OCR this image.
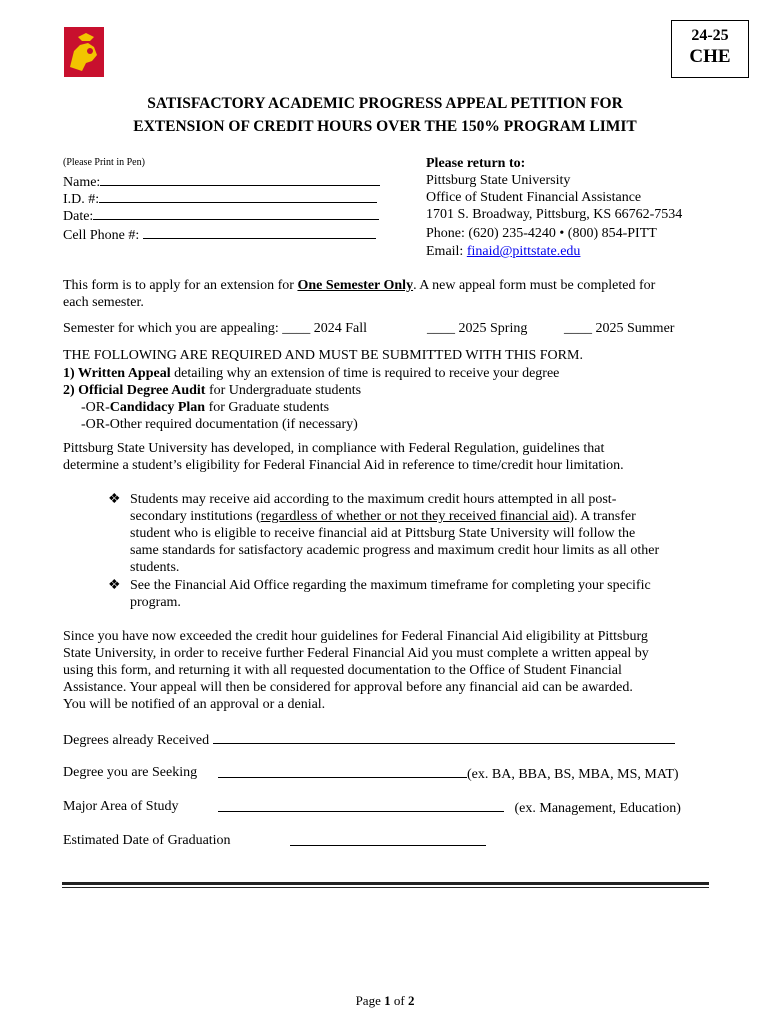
24-25
CHE
SATISFACTORY ACADEMIC PROGRESS APPEAL PETITION FOR
EXTENSION OF CREDIT HOURS OVER THE 150% PROGRAM LIMIT
(Please Print in Pen)
Name:
I.D. #:
Date:
Cell Phone #:
Please return to:
Pittsburg State University
Office of Student Financial Assistance
1701 S. Broadway, Pittsburg, KS 66762-7534
Phone: (620) 235-4240 • (800) 854-PITT
Email: finaid@pittstate.edu
This form is to apply for an extension for One Semester Only. A new appeal form must be completed for
each semester.
Semester for which you are appealing: ____ 2024 Fall	____ 2025 Spring	____ 2025 Summer
THE FOLLOWING ARE REQUIRED AND MUST BE SUBMITTED WITH THIS FORM.
1) Written Appeal detailing why an extension of time is required to receive your degree
2) Official Degree Audit for Undergraduate students
-OR-Candidacy Plan for Graduate students
-OR-Other required documentation (if necessary)
Pittsburg State University has developed, in compliance with Federal Regulation, guidelines that
determine a student’s eligibility for Federal Financial Aid in reference to time/credit hour limitation.
❖ Students may receive aid according to the maximum credit hours attempted in all post-
secondary institutions (regardless of whether or not they received financial aid). A transfer
student who is eligible to receive financial aid at Pittsburg State University will follow the
same standards for satisfactory academic progress and maximum credit hour limits as all other
students.
❖ See the Financial Aid Office regarding the maximum timeframe for completing your specific
program.
Since you have now exceeded the credit hour guidelines for Federal Financial Aid eligibility at Pittsburg
State University, in order to receive further Federal Financial Aid you must complete a written appeal by
using this form, and returning it with all requested documentation to the Office of Student Financial
Assistance. Your appeal will then be considered for approval before any financial aid can be awarded.
You will be notified of an approval or a denial.
Degrees already Received
Degree you are Seeking	(ex. BA, BBA, BS, MBA, MS, MAT)
Major Area of Study	(ex. Management, Education)
Estimated Date of Graduation
Page 1 of 2
